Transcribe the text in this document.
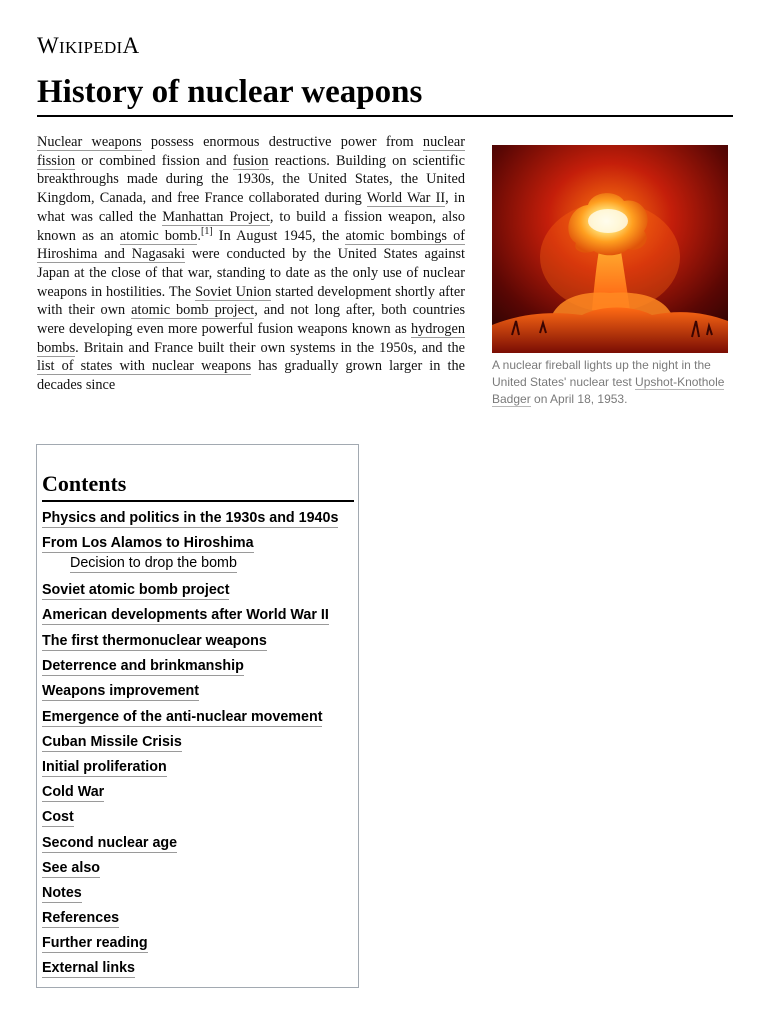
WIKIPEDIA
History of nuclear weapons

Nuclear weapons possess enormous destructive power from nuclear fission or combined fission and fusion reactions. Building on scientific breakthroughs made during the 1930s, the United States, the United Kingdom, Canada, and free France collaborated during World War II, in what was called the Manhattan Project, to build a fission weapon, also known as an atomic bomb.[1] In August 1945, the atomic bombings of Hiroshima and Nagasaki were conducted by the United States against Japan at the close of that war, standing to date as the only use of nuclear weapons in hostilities. The Soviet Union started development shortly after with their own atomic bomb project, and not long after, both countries were developing even more powerful fusion weapons known as hydrogen bombs. Britain and France built their own systems in the 1950s, and the list of states with nuclear weapons has gradually grown larger in the decades since

A nuclear fireball lights up the night in the United States' nuclear test Upshot-Knothole Badger on April 18, 1953.
Contents
Physics and politics in the 1930s and 1940s
From Los Alamos to Hiroshima
Decision to drop the bomb
Soviet atomic bomb project
American developments after World War II
The first thermonuclear weapons
Deterrence and brinkmanship
Weapons improvement
Emergence of the anti-nuclear movement
Cuban Missile Crisis
Initial proliferation
Cold War
Cost
Second nuclear age
See also
Notes
References
Further reading
External links
